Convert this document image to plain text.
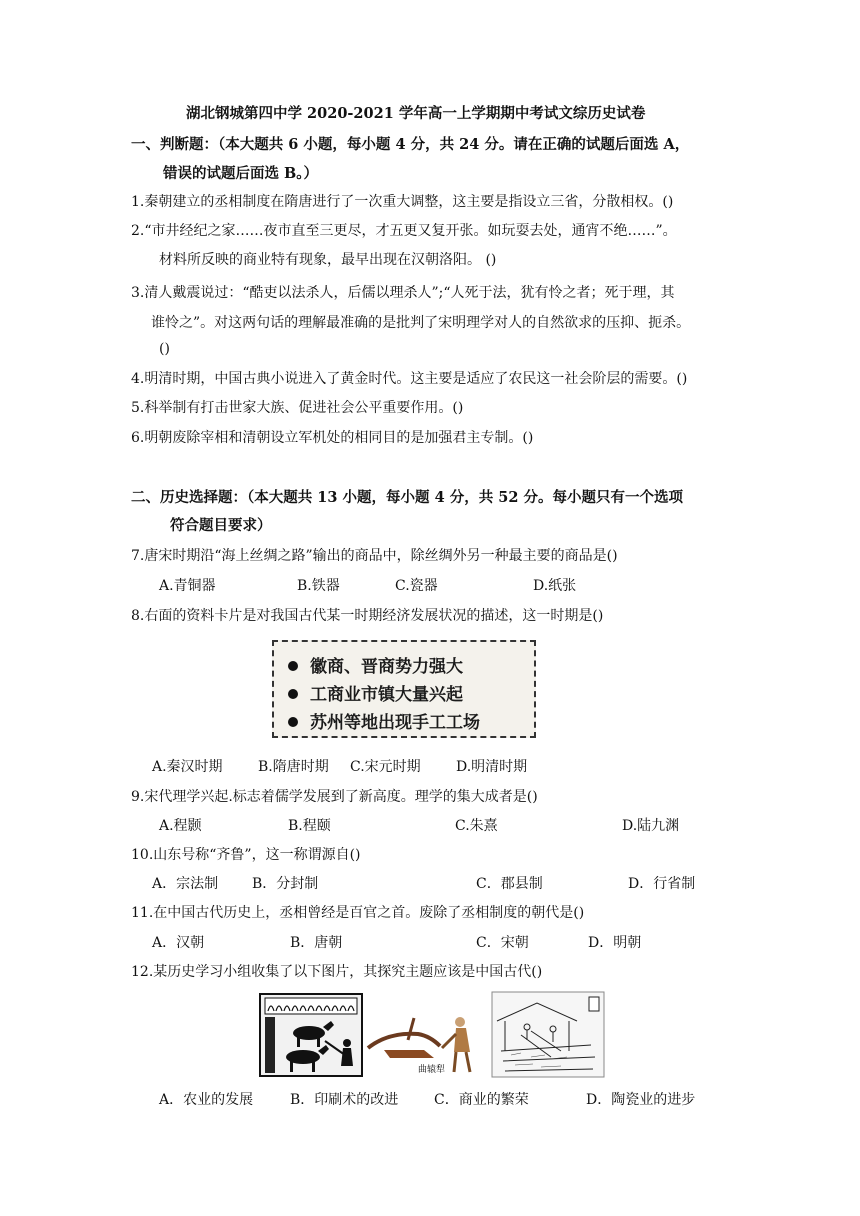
湖北钢城第四中学 2020-2021 学年高一上学期期中考试文综历史试卷
一、判断题：（本大题共 6 小题，每小题 4 分，共 24 分。请在正确的试题后面选 A，
错误的试题后面选 B。）
1.秦朝建立的丞相制度在隋唐进行了一次重大调整，这主要是指设立三省，分散相权。()
2.“市井经纪之家……夜市直至三更尽，才五更又复开张。如玩耍去处，通宵不绝……”。
材料所反映的商业特有现象，最早出现在汉朝洛阳。 ()
3.清人戴震说过：“酷吏以法杀人，后儒以理杀人”;“人死于法，犹有怜之者；死于理，其
谁怜之”。对这两句话的理解最准确的是批判了宋明理学对人的自然欲求的压抑、扼杀。
()
4.明清时期，中国古典小说进入了黄金时代。这主要是适应了农民这一社会阶层的需要。()
5.科举制有打击世家大族、促进社会公平重要作用。()
6.明朝废除宰相和清朝设立军机处的相同目的是加强君主专制。()
二、历史选择题：（本大题共 13 小题，每小题 4 分，共 52 分。每小题只有一个选项
符合题目要求）
7.唐宋时期沿“海上丝绸之路”输出的商品中，除丝绸外另一种最主要的商品是()
A.青铜器	B.铁器	C.瓷器	D.纸张
8.右面的资料卡片是对我国古代某一时期经济发展状况的描述，这一时期是()
徽商、晋商势力强大
工商业市镇大量兴起
苏州等地出现手工工场
A.秦汉时期	B.隋唐时期 C.宋元时期	D.明清时期
9.宋代理学兴起.标志着儒学发展到了新高度。理学的集大成者是()
A.程颢	B.程颐	C.朱熹	D.陆九渊
10.山东号称“齐鲁”，这一称谓源自()
A．宗法制 B．分封制	C．郡县制	D．行省制
11.在中国古代历史上，丞相曾经是百官之首。废除了丞相制度的朝代是()
A．汉朝	B．唐朝	C．宋朝	D．明朝
12.某历史学习小组收集了以下图片，其探究主题应该是中国古代()
曲辕犁
A．农业的发展	B．印刷术的改进	C．商业的繁荣	D．陶瓷业的进步
